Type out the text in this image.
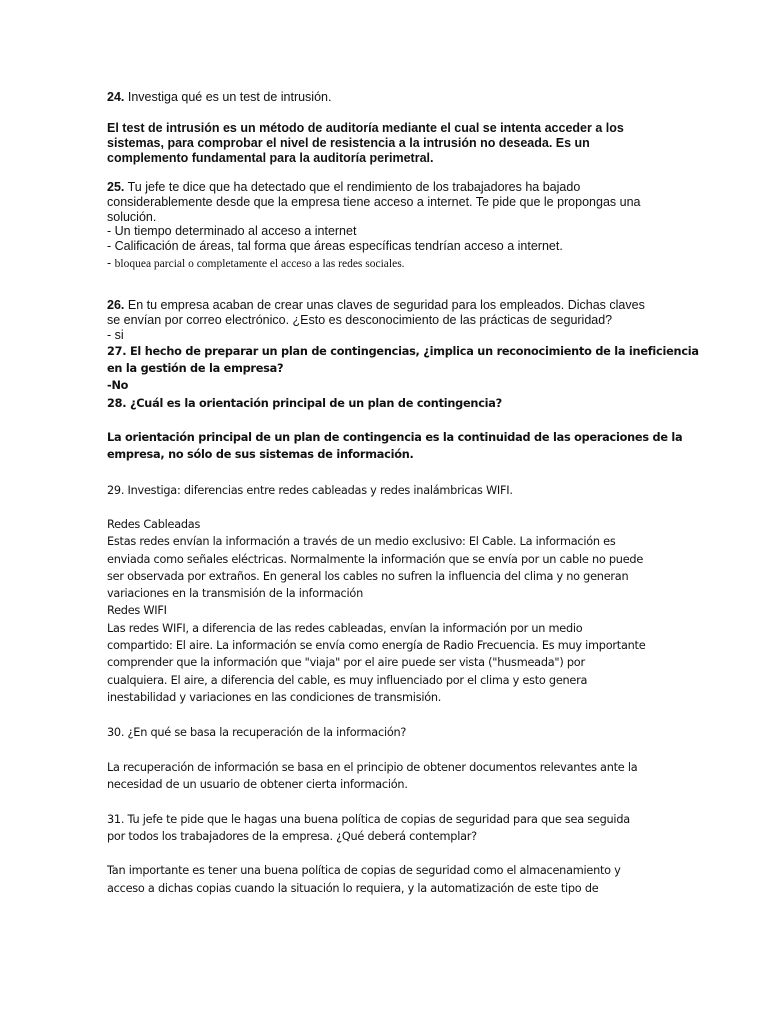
24. Investiga qué es un test de intrusión.
El test de intrusión es un método de auditoría mediante el cual se intenta acceder a los
sistemas, para comprobar el nivel de resistencia a la intrusión no deseada. Es un
complemento fundamental para la auditoría perimetral.
25. Tu jefe te dice que ha detectado que el rendimiento de los trabajadores ha bajado
considerablemente desde que la empresa tiene acceso a internet. Te pide que le propongas una
solución.
- Un tiempo determinado al acceso a internet
- Calificación de áreas, tal forma que áreas específicas tendrían acceso a internet.
- bloquea parcial o completamente el acceso a las redes sociales.
26. En tu empresa acaban de crear unas claves de seguridad para los empleados. Dichas claves
se envían por correo electrónico. ¿Esto es desconocimiento de las prácticas de seguridad?
- si
27. El hecho de preparar un plan de contingencias, ¿implica un reconocimiento de la ineficiencia
en la gestión de la empresa?
-No
28. ¿Cuál es la orientación principal de un plan de contingencia?
La orientación principal de un plan de contingencia es la continuidad de las operaciones de la
empresa, no sólo de sus sistemas de información.
29. Investiga: diferencias entre redes cableadas y redes inalámbricas WIFI.
Redes Cableadas
Estas redes envían la información a través de un medio exclusivo: El Cable. La información es
enviada como señales eléctricas. Normalmente la información que se envía por un cable no puede
ser observada por extraños. En general los cables no sufren la influencia del clima y no generan
variaciones en la transmisión de la información
Redes WIFI
Las redes WIFI, a diferencia de las redes cableadas, envían la información por un medio
compartido: El aire. La información se envía como energía de Radio Frecuencia. Es muy importante
comprender que la información que "viaja" por el aire puede ser vista ("husmeada") por
cualquiera. El aire, a diferencia del cable, es muy influenciado por el clima y esto genera
inestabilidad y variaciones en las condiciones de transmisión.
30. ¿En qué se basa la recuperación de la información?
La recuperación de información se basa en el principio de obtener documentos relevantes ante la
necesidad de un usuario de obtener cierta información.
31. Tu jefe te pide que le hagas una buena política de copias de seguridad para que sea seguida
por todos los trabajadores de la empresa. ¿Qué deberá contemplar?
Tan importante es tener una buena política de copias de seguridad como el almacenamiento y
acceso a dichas copias cuando la situación lo requiera, y la automatización de este tipo de
